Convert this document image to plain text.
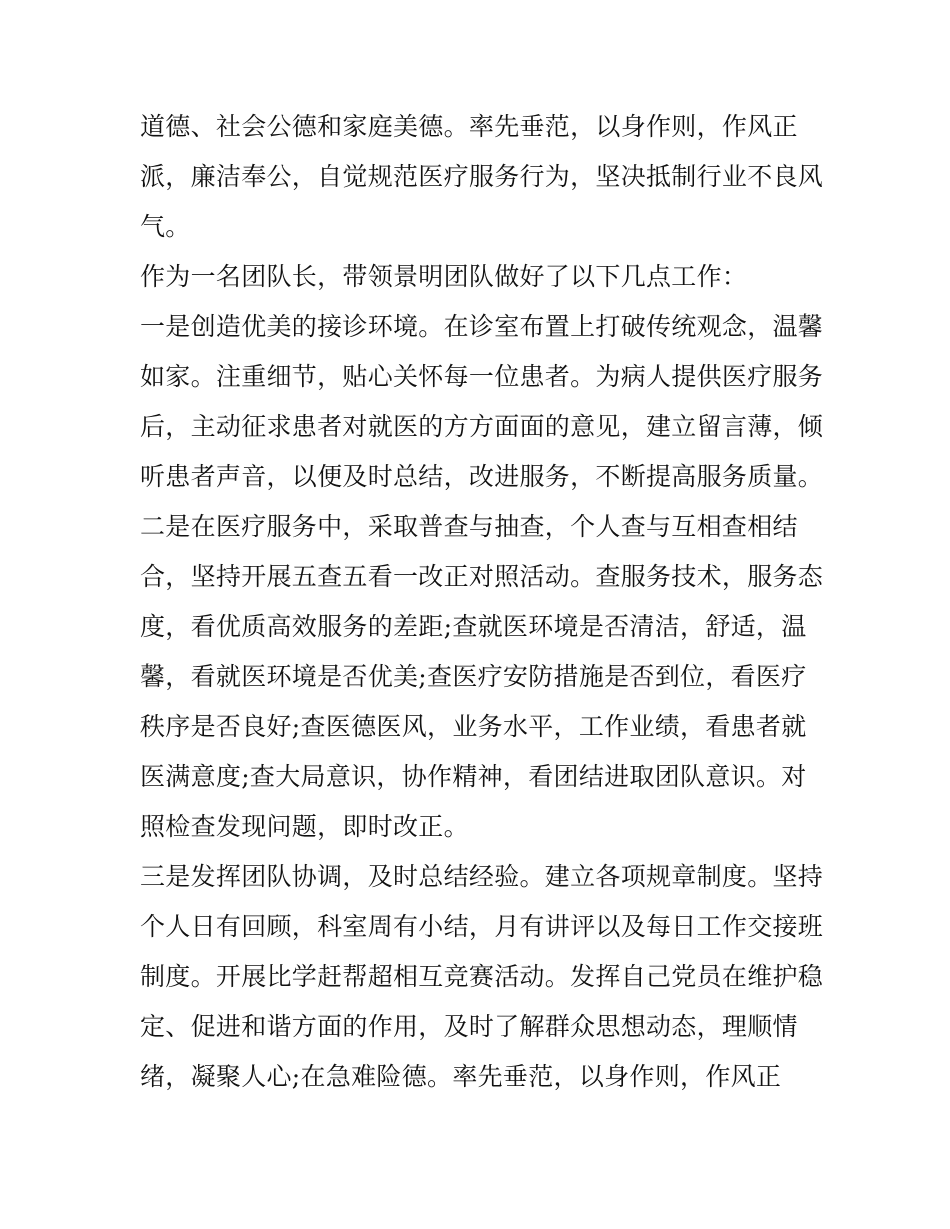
道德、社会公德和家庭美德。率先垂范，以身作则，作风正
派，廉洁奉公，自觉规范医疗服务行为，坚决抵制行业不良风
气。
作为一名团队长，带领景明团队做好了以下几点工作：
一是创造优美的接诊环境。在诊室布置上打破传统观念，温馨
如家。注重细节，贴心关怀每一位患者。为病人提供医疗服务
后，主动征求患者对就医的方方面面的意见，建立留言薄，倾
听患者声音，以便及时总结，改进服务，不断提高服务质量。
二是在医疗服务中，采取普查与抽查，个人查与互相查相结
合，坚持开展五查五看一改正对照活动。查服务技术，服务态
度，看优质高效服务的差距;查就医环境是否清洁，舒适，温
馨，看就医环境是否优美;查医疗安防措施是否到位，看医疗
秩序是否良好;查医德医风，业务水平，工作业绩，看患者就
医满意度;查大局意识，协作精神，看团结进取团队意识。对
照检查发现问题，即时改正。
三是发挥团队协调，及时总结经验。建立各项规章制度。坚持
个人日有回顾，科室周有小结，月有讲评以及每日工作交接班
制度。开展比学赶帮超相互竞赛活动。发挥自己党员在维护稳
定、促进和谐方面的作用，及时了解群众思想动态，理顺情
绪，凝聚人心;在急难险德。率先垂范，以身作则，作风正
